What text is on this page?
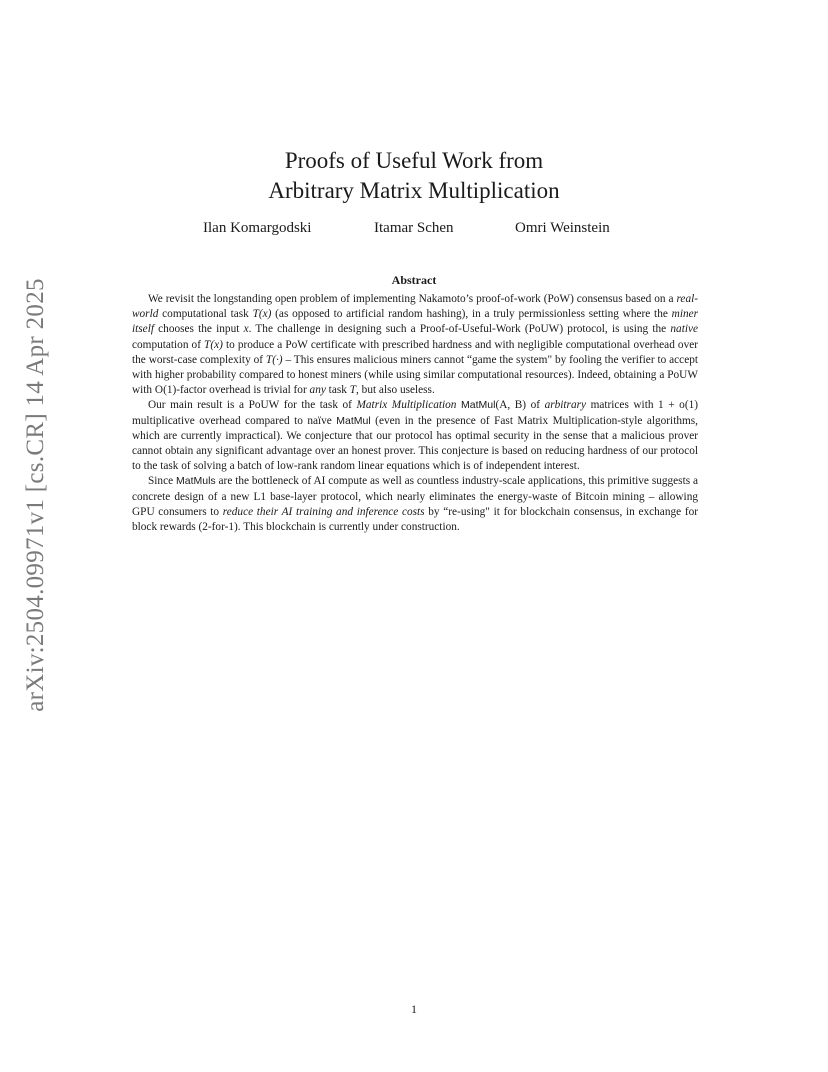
arXiv:2504.09971v1 [cs.CR] 14 Apr 2025
Proofs of Useful Work from
Arbitrary Matrix Multiplication
Ilan Komargodski	Itamar Schen	Omri Weinstein
Abstract

We revisit the longstanding open problem of implementing Nakamoto’s proof-of-work (PoW) consensus based on a real-world computational task T(x) (as opposed to artificial random hashing), in a truly permissionless setting where the miner itself chooses the input x. The challenge in designing such a Proof-of-Useful-Work (PoUW) protocol, is using the native computation of T(x) to produce a PoW certificate with prescribed hardness and with negligible computational overhead over the worst-case complexity of T(·) – This ensures malicious miners cannot “game the system" by fooling the verifier to accept with higher probability compared to honest miners (while using similar computational resources). Indeed, obtaining a PoUW with O(1)-factor overhead is trivial for any task T, but also useless.

Our main result is a PoUW for the task of Matrix Multiplication MatMul(A, B) of arbitrary matrices with 1 + o(1) multiplicative overhead compared to naïve MatMul (even in the presence of Fast Matrix Multiplication-style algorithms, which are currently impractical). We conjecture that our protocol has optimal security in the sense that a malicious prover cannot obtain any significant advantage over an honest prover. This conjecture is based on reducing hardness of our protocol to the task of solving a batch of low-rank random linear equations which is of independent interest.

Since MatMuls are the bottleneck of AI compute as well as countless industry-scale applications, this primitive suggests a concrete design of a new L1 base-layer protocol, which nearly eliminates the energy-waste of Bitcoin mining – allowing GPU consumers to reduce their AI training and inference costs by “re-using" it for blockchain consensus, in exchange for block rewards (2-for-1). This blockchain is currently under construction.

1
